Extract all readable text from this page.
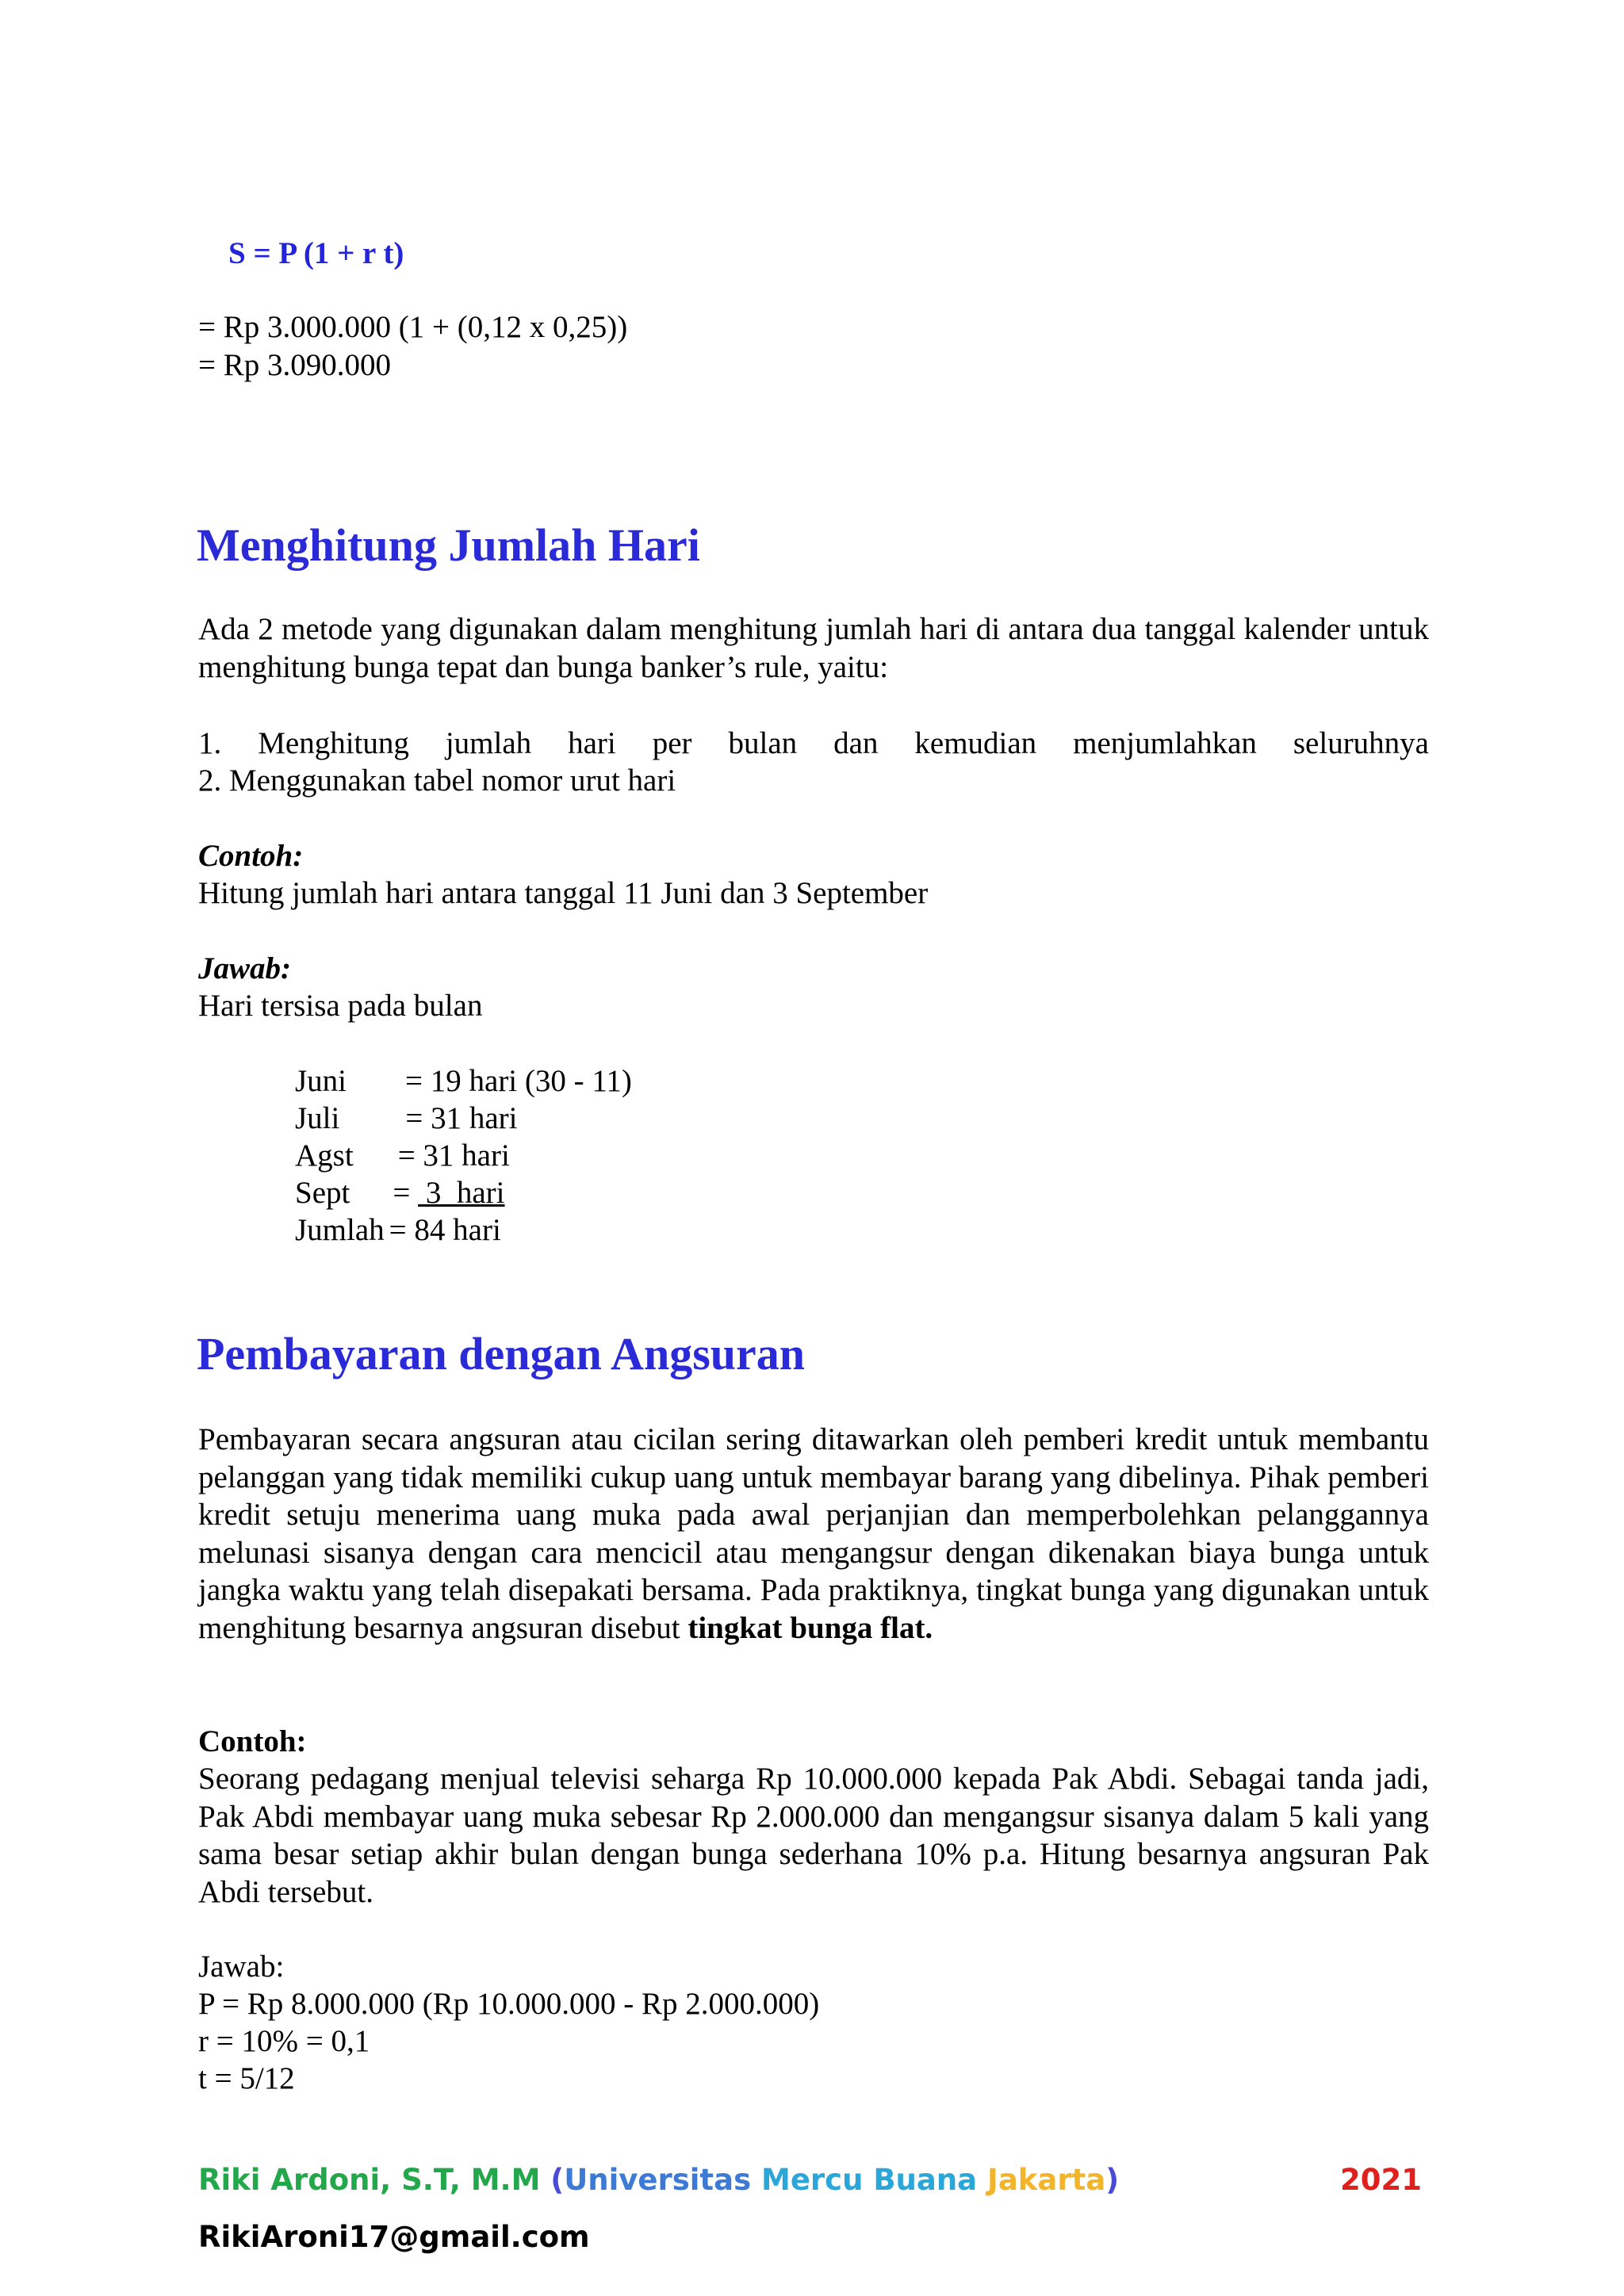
S = P (1 + r t)
= Rp 3.000.000 (1 + (0,12 x 0,25))
= Rp 3.090.000
Menghitung Jumlah Hari
Ada 2 metode yang digunakan dalam menghitung jumlah hari di antara dua tanggal kalender untuk menghitung bunga tepat dan bunga banker’s rule, yaitu:
1. Menghitung jumlah hari per bulan dan kemudian menjumlahkan seluruhnya
2. Menggunakan tabel nomor urut hari
Contoh:
Hitung jumlah hari antara tanggal 11 Juni dan 3 September
Jawab:
Hari tersisa pada bulan
Juni = 19 hari (30 - 11)
Juli = 31 hari
Agst = 31 hari
Sept =  3  hari
Jumlah = 84 hari
Pembayaran dengan Angsuran
Pembayaran secara angsuran atau cicilan sering ditawarkan oleh pemberi kredit untuk membantu pelanggan yang tidak memiliki cukup uang untuk membayar barang yang dibelinya. Pihak pemberi kredit setuju menerima uang muka pada awal perjanjian dan memperbolehkan pelanggannya melunasi sisanya dengan cara mencicil atau mengangsur dengan dikenakan biaya bunga untuk jangka waktu yang telah disepakati bersama. Pada praktiknya, tingkat bunga yang digunakan untuk menghitung besarnya angsuran disebut tingkat bunga flat.
Contoh:
Seorang pedagang menjual televisi seharga Rp 10.000.000 kepada Pak Abdi. Sebagai tanda jadi, Pak Abdi membayar uang muka sebesar Rp 2.000.000 dan mengangsur sisanya dalam 5 kali yang sama besar setiap akhir bulan dengan bunga sederhana 10% p.a. Hitung besarnya angsuran Pak Abdi tersebut.
Jawab:
P = Rp 8.000.000 (Rp 10.000.000 - Rp 2.000.000)
r = 10% = 0,1
t = 5/12
Riki Ardoni, S.T, M.M (Universitas Mercu Buana Jakarta)	2021
RikiAroni17@gmail.com
